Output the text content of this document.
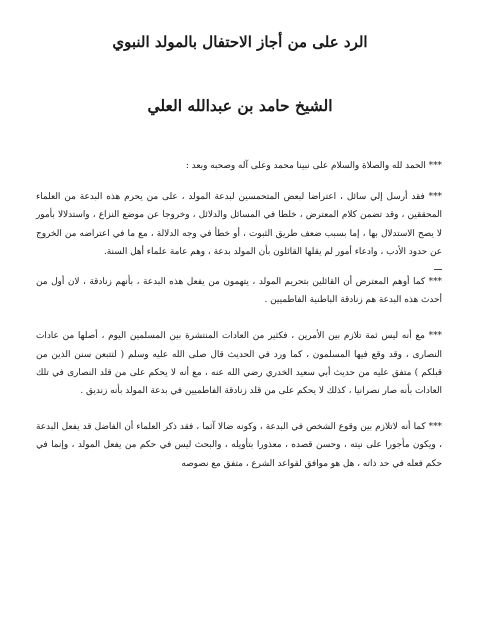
الرد على من أجاز الاحتفال بالمولد النبوي
الشيخ حامد بن عبدالله العلي

*** الحمد لله والصلاة والسلام على نبينا محمد وعلى آله وصحبه وبعد :

*** فقد أرسل إلي سائل ، اعتراضا لبعض المتحمسين لبدعة المولد ، على من يحرم هذه البدعة من العلماء المحققين ، وقد تضمن كلام المعترض ، خلطا في المسائل والدلائل ، وخروجا عن موضع النزاع ، واستدلالا بأمور لا يصح الاستدلال بها ، إما بسبب ضعف طريق الثبوت ، أو خطأ في وجه الدلالة ، مع ما في اعتراضه من الخروج عن حدود الأدب ، وادعاء أمور لم يقلها القائلون بأن المولد بدعة ، وهم عامة علماء أهل السنة.

ـــ

*** كما أوهم المعترض أن القائلين بتحريم المولد ، يتهمون من يفعل هذه البدعة ، بأنهم زنادقة ، لان أول من أحدث هذه البدعة هم زنادقة الباطنية الفاطميين .

*** مع أنه ليس ثمة تلازم بين الأمرين ، فكثير من العادات المنتشرة بين المسلمين اليوم ، أصلها من عادات النصارى ، وقد وقع فيها المسلمون ، كما ورد في الحديث قال صلى الله عليه وسلم ( لتتبعن سنن الذين من قبلكم ) متفق عليه من حديث أبي سعيد الخدري رضي الله عنه ، مع أنه لا يحكم على من قلد النصارى في تلك العادات بأنه صار نصرانيا ، كذلك لا يحكم على من قلد زنادقة الفاطميين في بدعة المولد بأنه زنديق .

*** كما أنه لاتلازم بين وقوع الشخص في البدعة ، وكونه ضالا آثما ، فقد ذكر العلماء أن الفاضل قد يفعل البدعة ، ويكون مأجورا على نيته ، وحسن قصده ، معذورا بتأويله ، والبحث ليس في حكم من يفعل المولد ، وإنما في حكم فعله في حد ذاته ، هل هو موافق لقواعد الشرع ، متفق مع نصوصه
